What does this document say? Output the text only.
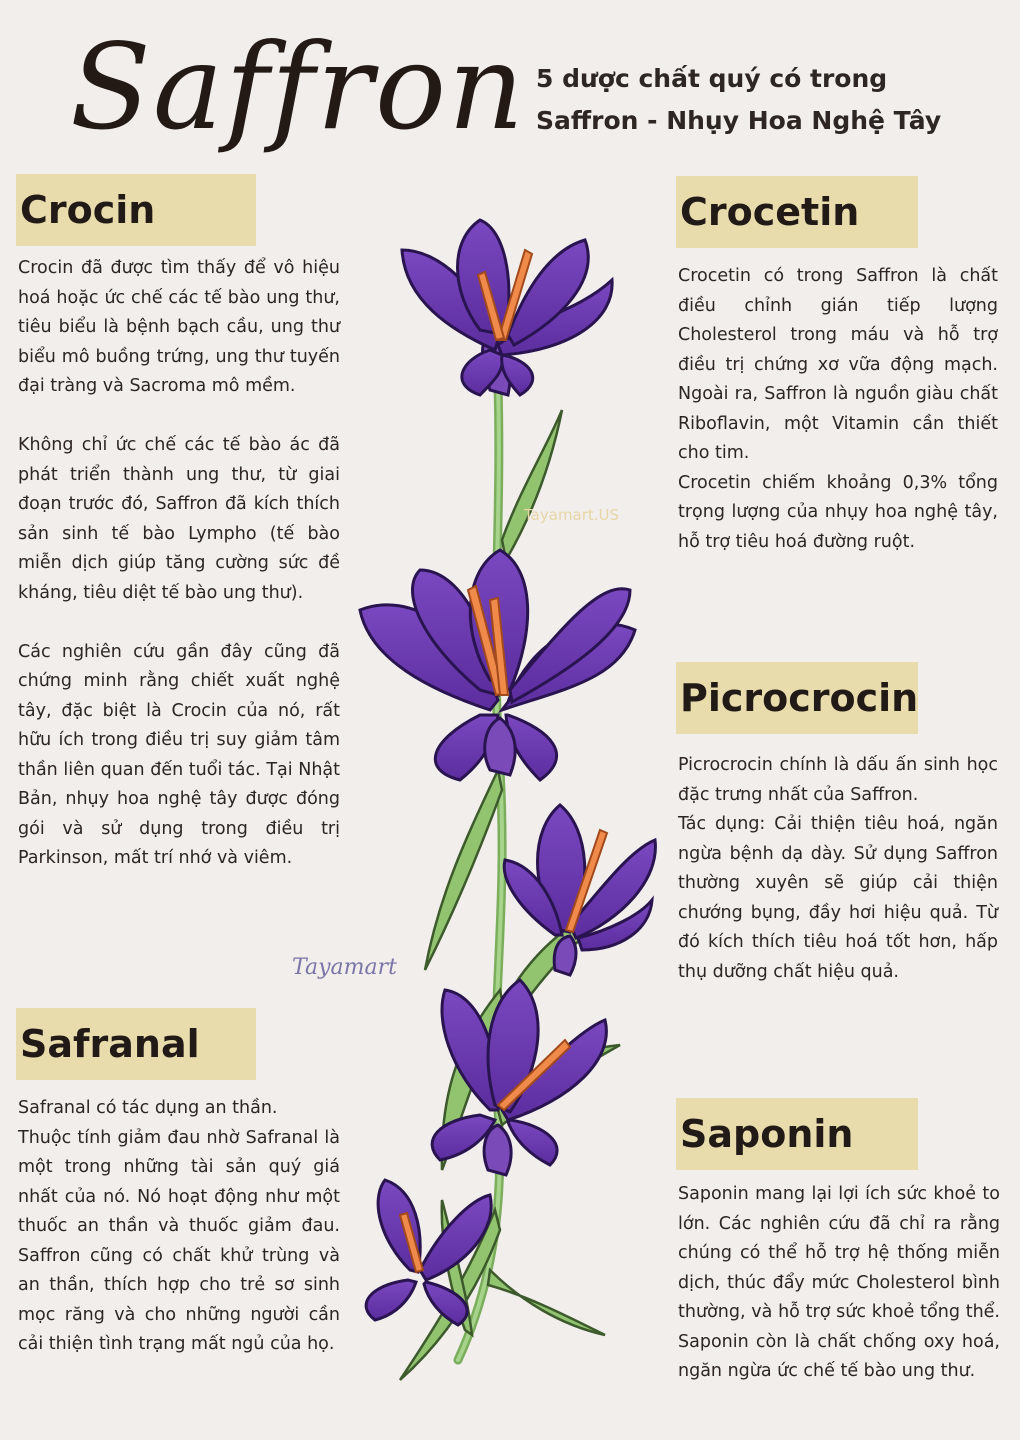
Saffron 5 dược chất quý có trong
Saffron - Nhụy Hoa Nghệ Tây
Crocin

Crocin đã được tìm thấy để vô hiệu hoá hoặc ức chế các tế bào ung thư, tiêu biểu là bệnh bạch cầu, ung thư biểu mô buồng trứng, ung thư tuyến đại tràng và Sacroma mô mềm.

Không chỉ ức chế các tế bào ác đã phát triển thành ung thư, từ giai đoạn trước đó, Saffron đã kích thích sản sinh tế bào Lympho (tế bào miễn dịch giúp tăng cường sức đề kháng, tiêu diệt tế bào ung thư).

Các nghiên cứu gần đây cũng đã chứng minh rằng chiết xuất nghệ tây, đặc biệt là Crocin của nó, rất hữu ích trong điều trị suy giảm tâm thần liên quan đến tuổi tác. Tại Nhật Bản, nhụy hoa nghệ tây được đóng gói và sử dụng trong điều trị Parkinson, mất trí nhớ và viêm.

Safranal

Safranal có tác dụng an thần.

Thuộc tính giảm đau nhờ Safranal là một trong những tài sản quý giá nhất của nó. Nó hoạt động như một thuốc an thần và thuốc giảm đau. Saffron cũng có chất khử trùng và an thần, thích hợp cho trẻ sơ sinh mọc răng và cho những người cần cải thiện tình trạng mất ngủ của họ.

Crocetin

Crocetin có trong Saffron là chất điều chỉnh gián tiếp lượng Cholesterol trong máu và hỗ trợ điều trị chứng xơ vữa động mạch. Ngoài ra, Saffron là nguồn giàu chất Riboflavin, một Vitamin cần thiết cho tim.

Crocetin chiếm khoảng 0,3% tổng trọng lượng của nhụy hoa nghệ tây, hỗ trợ tiêu hoá đường ruột.

Picrocrocin

Picrocrocin chính là dấu ấn sinh học đặc trưng nhất của Saffron.

Tác dụng: Cải thiện tiêu hoá, ngăn ngừa bệnh dạ dày. Sử dụng Saffron thường xuyên sẽ giúp cải thiện chướng bụng, đầy hơi hiệu quả. Từ đó kích thích tiêu hoá tốt hơn, hấp thụ dưỡng chất hiệu quả.

Saponin

Saponin mang lại lợi ích sức khoẻ to lớn. Các nghiên cứu đã chỉ ra rằng chúng có thể hỗ trợ hệ thống miễn dịch, thúc đẩy mức Cholesterol bình thường, và hỗ trợ sức khoẻ tổng thể. Saponin còn là chất chống oxy hoá, ngăn ngừa ức chế tế bào ung thư.

Tayamart.US
Tayamart
